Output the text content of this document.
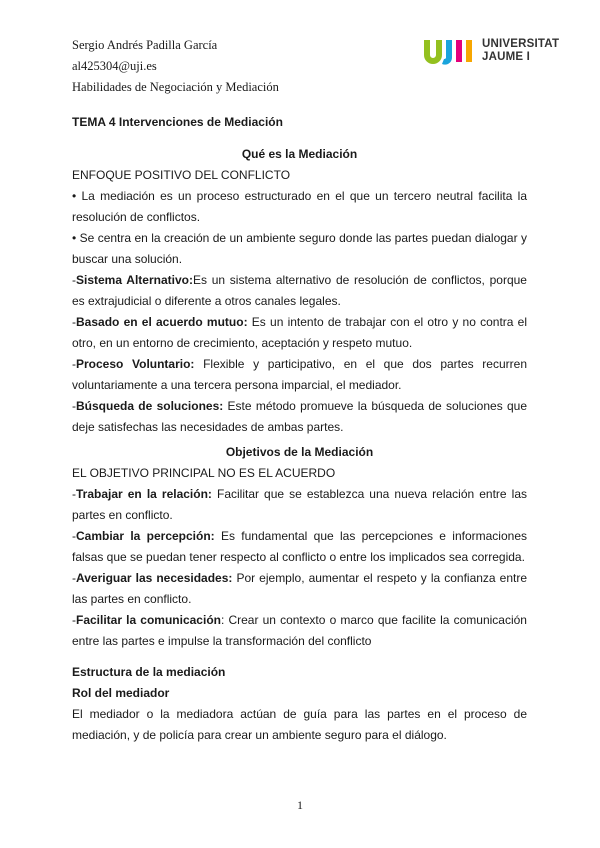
Sergio Andrés Padilla García
al425304@uji.es
Habilidades de Negociación y Mediación
UJI
UNIVERSITAT
JAUME I

TEMA 4 Intervenciones de Mediación

Qué es la Mediación

ENFOQUE POSITIVO DEL CONFLICTO

• La mediación es un proceso estructurado en el que un tercero neutral facilita la resolución de conflictos.

• Se centra en la creación de un ambiente seguro donde las partes puedan dialogar y buscar una solución.

-Sistema Alternativo:Es un sistema alternativo de resolución de conflictos, porque es extrajudicial o diferente a otros canales legales.

-Basado en el acuerdo mutuo: Es un intento de trabajar con el otro y no contra el otro, en un entorno de crecimiento, aceptación y respeto mutuo.

-Proceso Voluntario: Flexible y participativo, en el que dos partes recurren voluntariamente a una tercera persona imparcial, el mediador.

-Búsqueda de soluciones: Este método promueve la búsqueda de soluciones que deje satisfechas las necesidades de ambas partes.

Objetivos de la Mediación

EL OBJETIVO PRINCIPAL NO ES EL ACUERDO

-Trabajar en la relación: Facilitar que se establezca una nueva relación entre las partes en conflicto.

-Cambiar la percepción: Es fundamental que las percepciones e informaciones falsas que se puedan tener respecto al conflicto o entre los implicados sea corregida.

-Averiguar las necesidades: Por ejemplo, aumentar el respeto y la confianza entre las partes en conflicto.

-Facilitar la comunicación: Crear un contexto o marco que facilite la comunicación entre las partes e impulse la transformación del conflicto

Estructura de la mediación

Rol del mediador

El mediador o la mediadora actúan de guía para las partes en el proceso de mediación, y de policía para crear un ambiente seguro para el diálogo.

1
